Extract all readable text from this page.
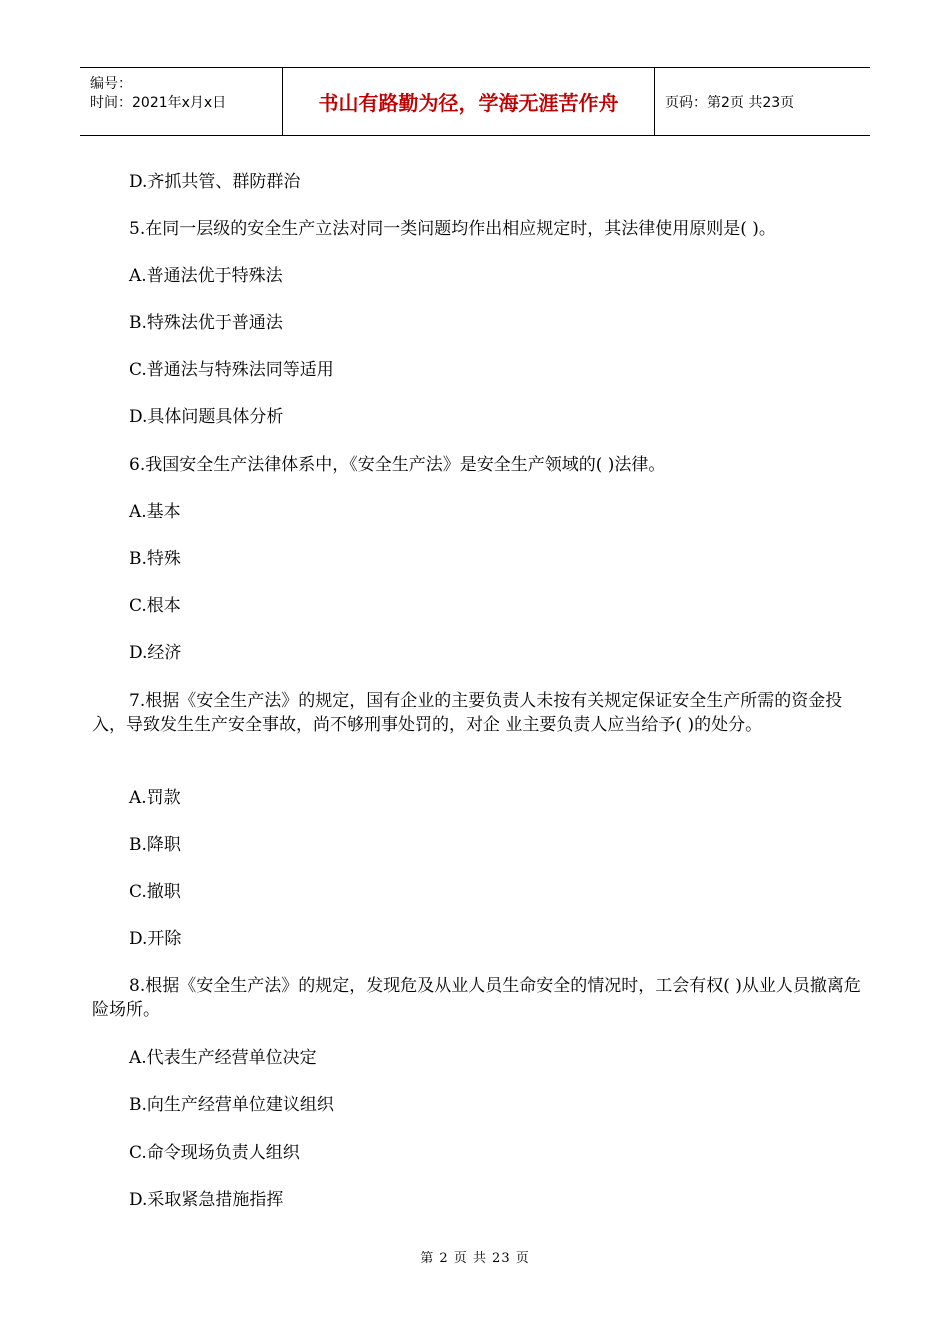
编号：
时间：2021年x月x日	书山有路勤为径，学海无涯苦作舟	页码：第2页 共23页
D.齐抓共管、群防群治
5.在同一层级的安全生产立法对同一类问题均作出相应规定时，其法律使用原则是( )。
A.普通法优于特殊法
B.特殊法优于普通法
C.普通法与特殊法同等适用
D.具体问题具体分析
6.我国安全生产法律体系中，《安全生产法》是安全生产领域的( )法律。
A.基本
B.特殊
C.根本
D.经济
7.根据《安全生产法》的规定，国有企业的主要负责人未按有关规定保证安全生产所需的资金投入，导致发生生产安全事故，尚不够刑事处罚的，对企 业主要负责人应当给予( )的处分。
A.罚款
B.降职
C.撤职
D.开除
8.根据《安全生产法》的规定，发现危及从业人员生命安全的情况时，工会有权( )从业人员撤离危险场所。
A.代表生产经营单位决定
B.向生产经营单位建议组织
C.命令现场负责人组织
D.采取紧急措施指挥
第 2 页 共 23 页
